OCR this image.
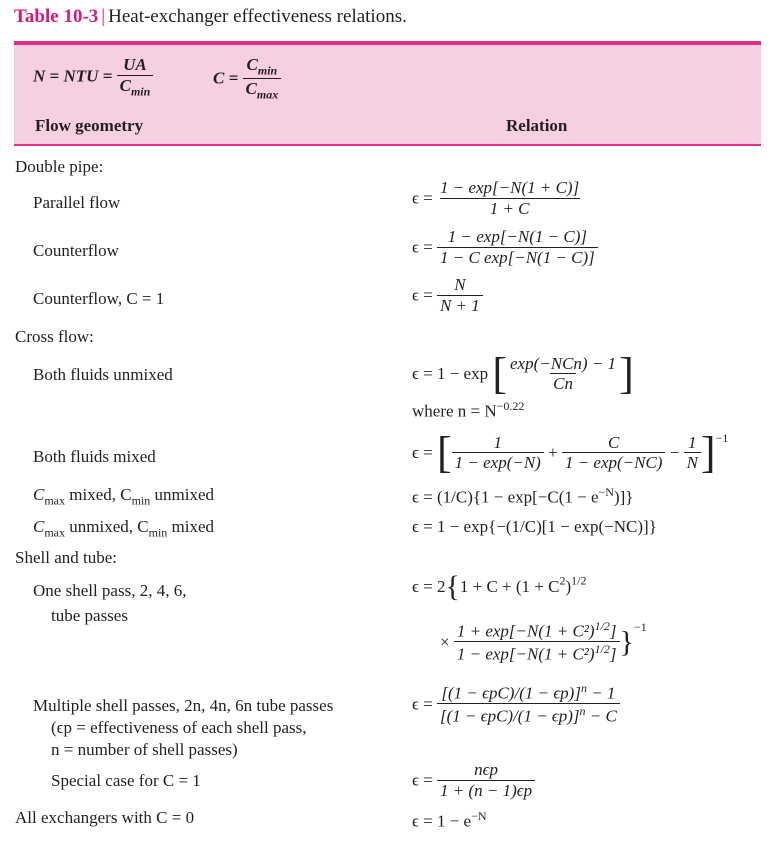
Table 10-3 | Heat-exchanger effectiveness relations.
N = NTU = $\frac{UA}{C_{min}}$	$C = \frac{C_{min}}{C_{max}}$
Flow geometry	Relation
Double pipe:
Parallel flow
Counterflow
Counterflow, C = 1
Cross flow:
Both fluids unmixed
Both fluids mixed
$C_{max}$ mixed, $C_{min}$ unmixed
$C_{max}$ unmixed, $C_{min}$ mixed
Shell and tube:
One shell pass, 2, 4, 6,
tube passes
Multiple shell passes, 2n, 4n, 6n tube passes
(ϵp = effectiveness of each shell pass,
n = number of shell passes)
Special case for C = 1
All exchangers with C = 0
$\epsilon = \frac{1 - \exp[-N(1 + C)]}{1 + C}$
$\epsilon = \frac{1 - \exp[-N(1 - C)]}{\text{1 − C exp[−N(1 − C)]}}$
$\epsilon = \frac{N}{N + 1}$
ϵ = 1 − exp [ $\frac{\text{exp(−NCn) − 1}}{Cn}$ ]
where $n = N^{-0.22}$
ϵ = [ $\frac{1}{1 - \exp(-N)} + \frac{C}{1 - \exp(-NC)} - \frac{1}{N} ]^{-1}$
$\epsilon = (1/C)\{1 - \exp[-C(1 - e^{-N})]\}$
ϵ = 1 − exp{−(1/C)[1 − exp(−NC)]}
$\epsilon = 2\{1 + C + (1 + C^2)^{1/2}$
× $\frac{1 + \exp[-N(1 + C^2)^{1/2}]}{1 - \exp[-N(1 + C^2)^{1/2}]} \}^{-1}$
$\epsilon = \frac{[(1 - \epsilon pC)/(1 - \epsilon p)]^n - 1}{[(1 - \epsilon pC)/(1 - \epsilon p)]^n - C}$
$\epsilon = \frac{\text{nϵp}}{1 + (n - 1)\epsilon p}$
$\epsilon = 1 - e^{-N}$
